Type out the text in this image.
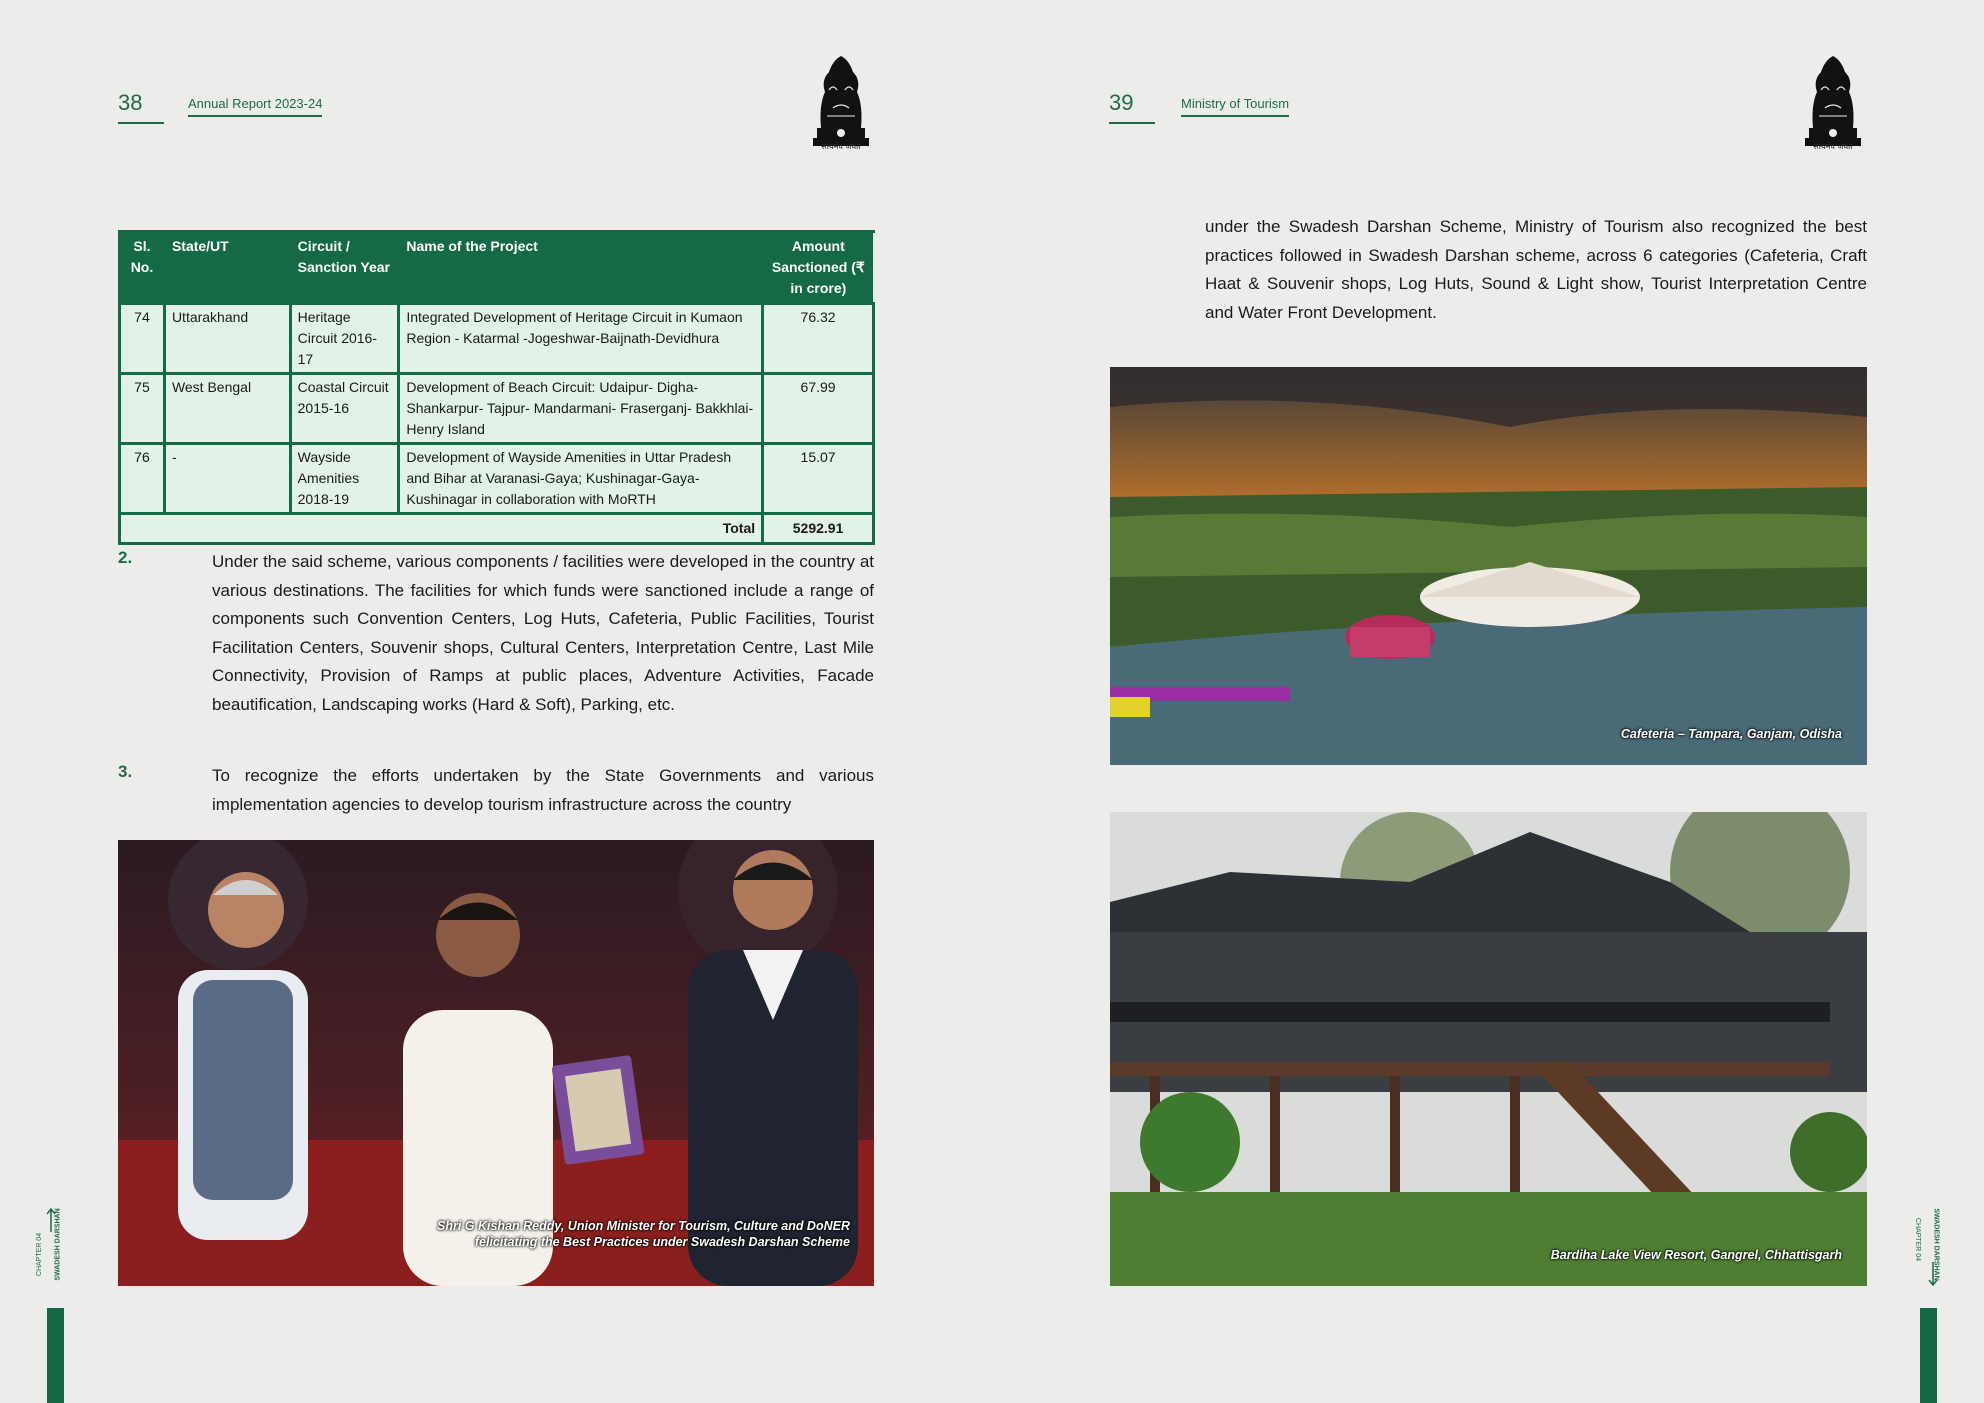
38	Annual Report 2023-24
सत्यमेव जयते
Sl. No.	State/UT	Circuit / Sanction Year	Name of the Project	Amount Sanctioned (₹ in crore)
74	Uttarakhand	Heritage Circuit 2016-17	Integrated Development of Heritage Circuit in Kumaon Region - Katarmal -Jogeshwar-Baijnath-Devidhura	76.32
75	West Bengal	Coastal Circuit 2015-16	Development of Beach Circuit: Udaipur- Digha- Shankarpur- Tajpur- Mandarmani- Fraserganj- Bakkhlai- Henry Island	67.99
76	-	Wayside Amenities 2018-19	Development of Wayside Amenities in Uttar Pradesh and Bihar at Varanasi-Gaya; Kushinagar-Gaya- Kushinagar in collaboration with MoRTH	15.07
Total				5292.91
2.	Under the said scheme, various components / facilities were developed in the country at various destinations. The facilities for which funds were sanctioned include a range of components such Convention Centers, Log Huts, Cafeteria, Public Facilities, Tourist Facilitation Centers, Souvenir shops, Cultural Centers, Interpretation Centre, Last Mile Connectivity, Provision of Ramps at public places, Adventure Activities, Facade beautification, Landscaping works (Hard & Soft), Parking, etc.
3.	To recognize the efforts undertaken by the State Governments and various implementation agencies to develop tourism infrastructure across the country
Shri G Kishan Reddy, Union Minister for Tourism, Culture and DoNER felicitating the Best Practices under Swadesh Darshan Scheme
CHAPTER 04 SWADESH DARSHAN
39	Ministry of Tourism
सत्यमेव जयते
under the Swadesh Darshan Scheme, Ministry of Tourism also recognized the best practices followed in Swadesh Darshan scheme, across 6 categories (Cafeteria, Craft Haat & Souvenir shops, Log Huts, Sound & Light show, Tourist Interpretation Centre and Water Front Development.
Cafeteria – Tampara, Ganjam, Odisha
Bardiha Lake View Resort, Gangrel, Chhattisgarh	CHAPTER 04 SWADESH DARSHAN
